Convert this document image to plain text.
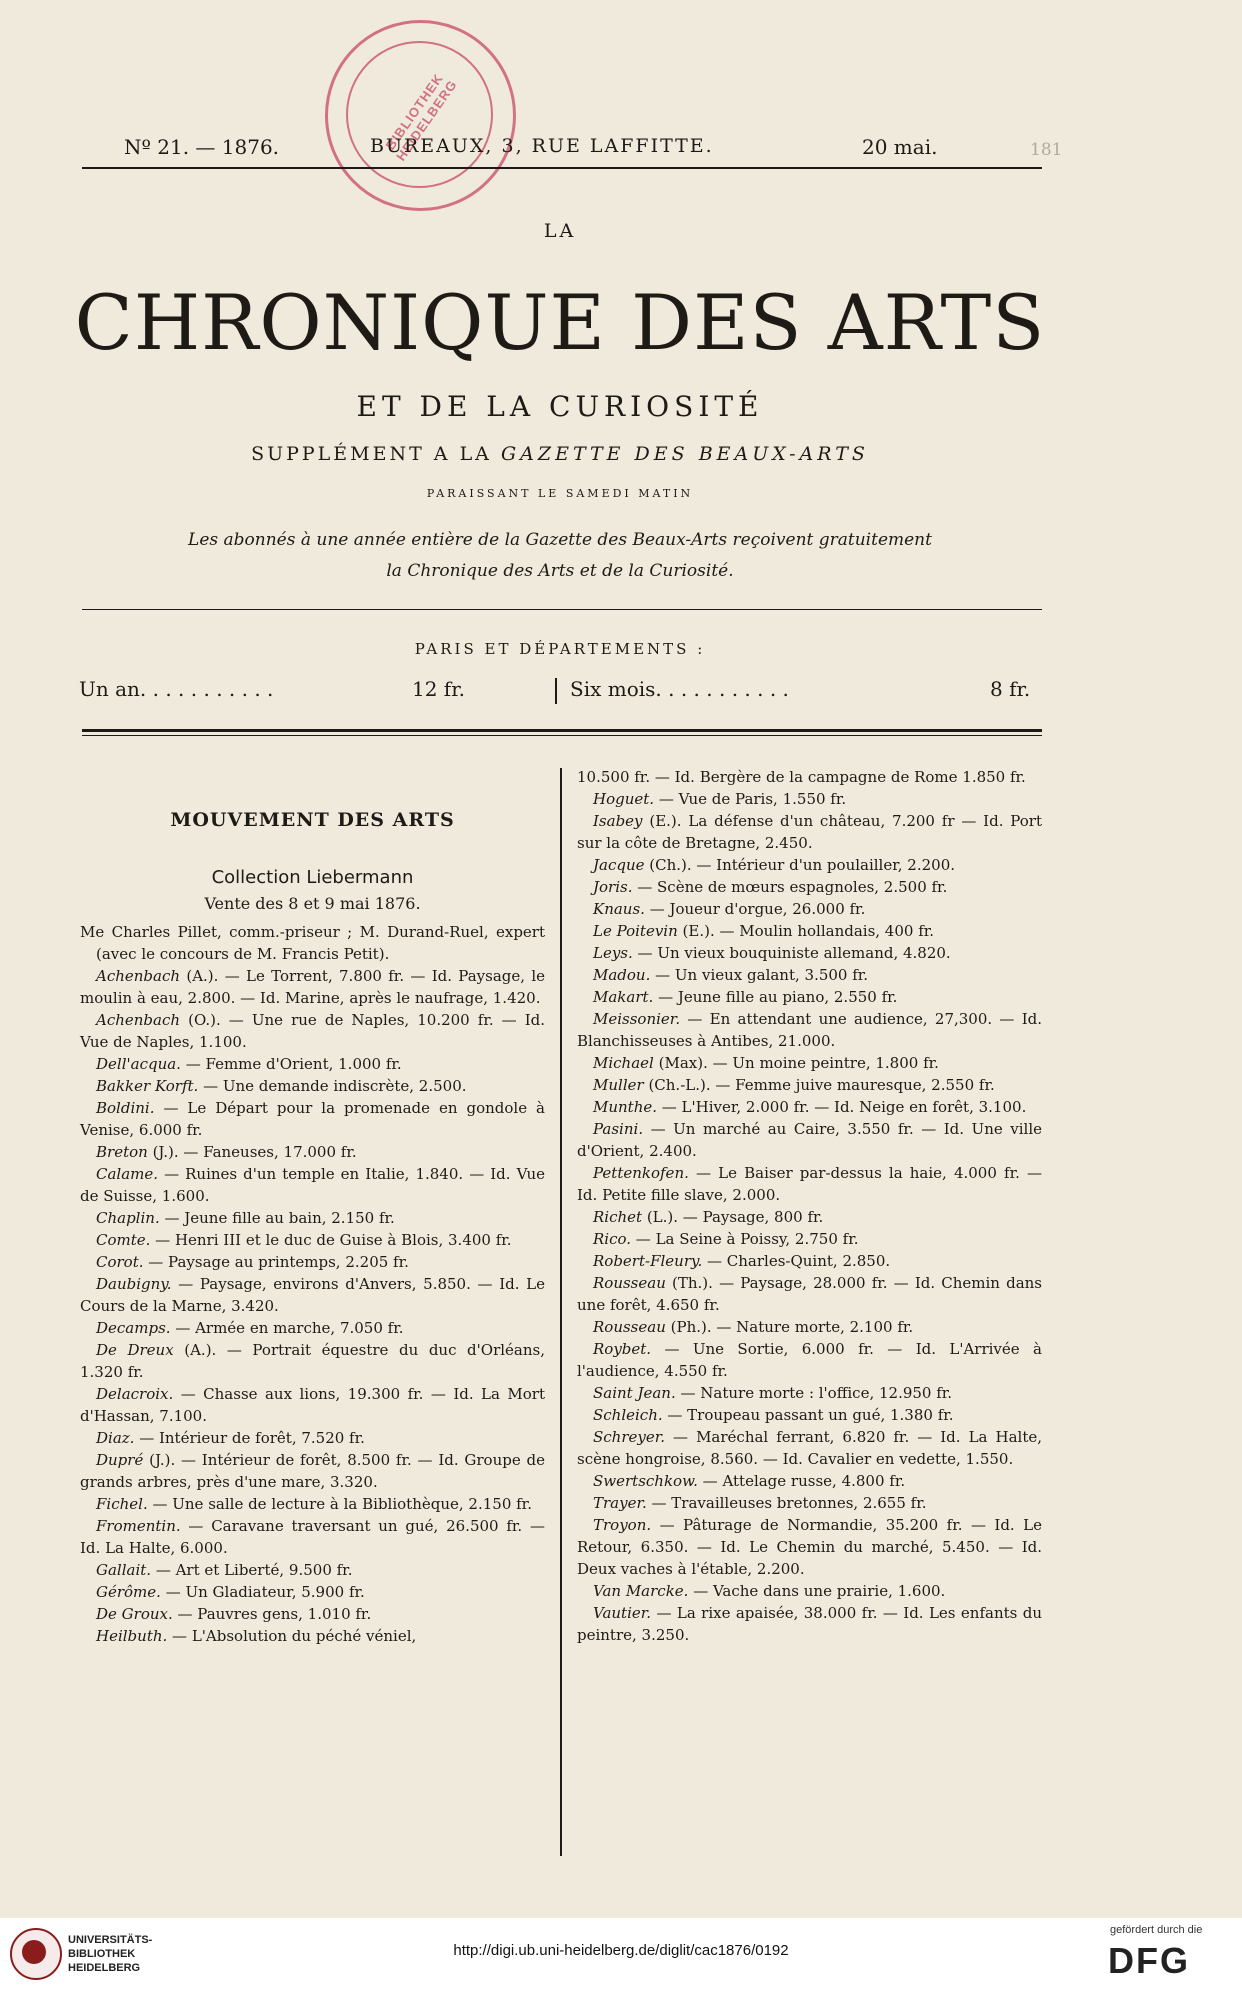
BIBLIOTHEK HEIDELBERG
Nº 21. — 1876.	BUREAUX, 3, RUE LAFFITTE.	20 mai.	181
LA
CHRONIQUE DES ARTS
ET DE LA CURIOSITÉ
SUPPLÉMENT A LA GAZETTE DES BEAUX-ARTS
PARAISSANT LE SAMEDI MATIN
Les abonnés à une année entière de la Gazette des Beaux-Arts reçoivent gratuitement
la Chronique des Arts et de la Curiosité.
PARIS ET DÉPARTEMENTS :
Un an. . . . . . . . . . .	12 fr.	Six mois. . . . . . . . . . .	8 fr.

MOUVEMENT DES ARTS

Collection Liebermann

Vente des 8 et 9 mai 1876.

Me Charles Pillet, comm.-priseur ; M. Durand-Ruel, expert (avec le concours de M. Francis Petit).

Achenbach (A.). — Le Torrent, 7.800 fr. — Id. Paysage, le moulin à eau, 2.800. — Id. Marine, après le naufrage, 1.420.

Achenbach (O.). — Une rue de Naples, 10.200 fr. — Id. Vue de Naples, 1.100.

Dell'acqua. — Femme d'Orient, 1.000 fr.

Bakker Korft. — Une demande indiscrète, 2.500.

Boldini. — Le Départ pour la promenade en gondole à Venise, 6.000 fr.

Breton (J.). — Faneuses, 17.000 fr.

Calame. — Ruines d'un temple en Italie, 1.840. — Id. Vue de Suisse, 1.600.

Chaplin. — Jeune fille au bain, 2.150 fr.

Comte. — Henri III et le duc de Guise à Blois, 3.400 fr.

Corot. — Paysage au printemps, 2.205 fr.

Daubigny. — Paysage, environs d'Anvers, 5.850. — Id. Le Cours de la Marne, 3.420.

Decamps. — Armée en marche, 7.050 fr.

De Dreux (A.). — Portrait équestre du duc d'Orléans, 1.320 fr.

Delacroix. — Chasse aux lions, 19.300 fr. — Id. La Mort d'Hassan, 7.100.

Diaz. — Intérieur de forêt, 7.520 fr.

Dupré (J.). — Intérieur de forêt, 8.500 fr. — Id. Groupe de grands arbres, près d'une mare, 3.320.

Fichel. — Une salle de lecture à la Bibliothèque, 2.150 fr.

Fromentin. — Caravane traversant un gué, 26.500 fr. — Id. La Halte, 6.000.

Gallait. — Art et Liberté, 9.500 fr.

Gérôme. — Un Gladiateur, 5.900 fr.

De Groux. — Pauvres gens, 1.010 fr.

Heilbuth. — L'Absolution du péché véniel,

10.500 fr. — Id. Bergère de la campagne de Rome 1.850 fr.

Hoguet. — Vue de Paris, 1.550 fr.

Isabey (E.). La défense d'un château, 7.200 fr — Id. Port sur la côte de Bretagne, 2.450.

Jacque (Ch.). — Intérieur d'un poulailler, 2.200.

Joris. — Scène de mœurs espagnoles, 2.500 fr.

Knaus. — Joueur d'orgue, 26.000 fr.

Le Poitevin (E.). — Moulin hollandais, 400 fr.

Leys. — Un vieux bouquiniste allemand, 4.820.

Madou. — Un vieux galant, 3.500 fr.

Makart. — Jeune fille au piano, 2.550 fr.

Meissonier. — En attendant une audience, 27,300. — Id. Blanchisseuses à Antibes, 21.000.

Michael (Max). — Un moine peintre, 1.800 fr.

Muller (Ch.-L.). — Femme juive mauresque, 2.550 fr.

Munthe. — L'Hiver, 2.000 fr. — Id. Neige en forêt, 3.100.

Pasini. — Un marché au Caire, 3.550 fr. — Id. Une ville d'Orient, 2.400.

Pettenkofen. — Le Baiser par-dessus la haie, 4.000 fr. — Id. Petite fille slave, 2.000.

Richet (L.). — Paysage, 800 fr.

Rico. — La Seine à Poissy, 2.750 fr.

Robert-Fleury. — Charles-Quint, 2.850.

Rousseau (Th.). — Paysage, 28.000 fr. — Id. Chemin dans une forêt, 4.650 fr.

Rousseau (Ph.). — Nature morte, 2.100 fr.

Roybet. — Une Sortie, 6.000 fr. — Id. L'Arrivée à l'audience, 4.550 fr.

Saint Jean. — Nature morte : l'office, 12.950 fr.

Schleich. — Troupeau passant un gué, 1.380 fr.

Schreyer. — Maréchal ferrant, 6.820 fr. — Id. La Halte, scène hongroise, 8.560. — Id. Cavalier en vedette, 1.550.

Swertschkow. — Attelage russe, 4.800 fr.

Trayer. — Travailleuses bretonnes, 2.655 fr.

Troyon. — Pâturage de Normandie, 35.200 fr. — Id. Le Retour, 6.350. — Id. Le Chemin du marché, 5.450. — Id. Deux vaches à l'étable, 2.200.

Van Marcke. — Vache dans une prairie, 1.600.

Vautier. — La rixe apaisée, 38.000 fr. — Id. Les enfants du peintre, 3.250.

UNIVERSITÄTS-
BIBLIOTHEK
HEIDELBERG
http://digi.ub.uni-heidelberg.de/diglit/cac1876/0192
gefördert durch die
DFG
